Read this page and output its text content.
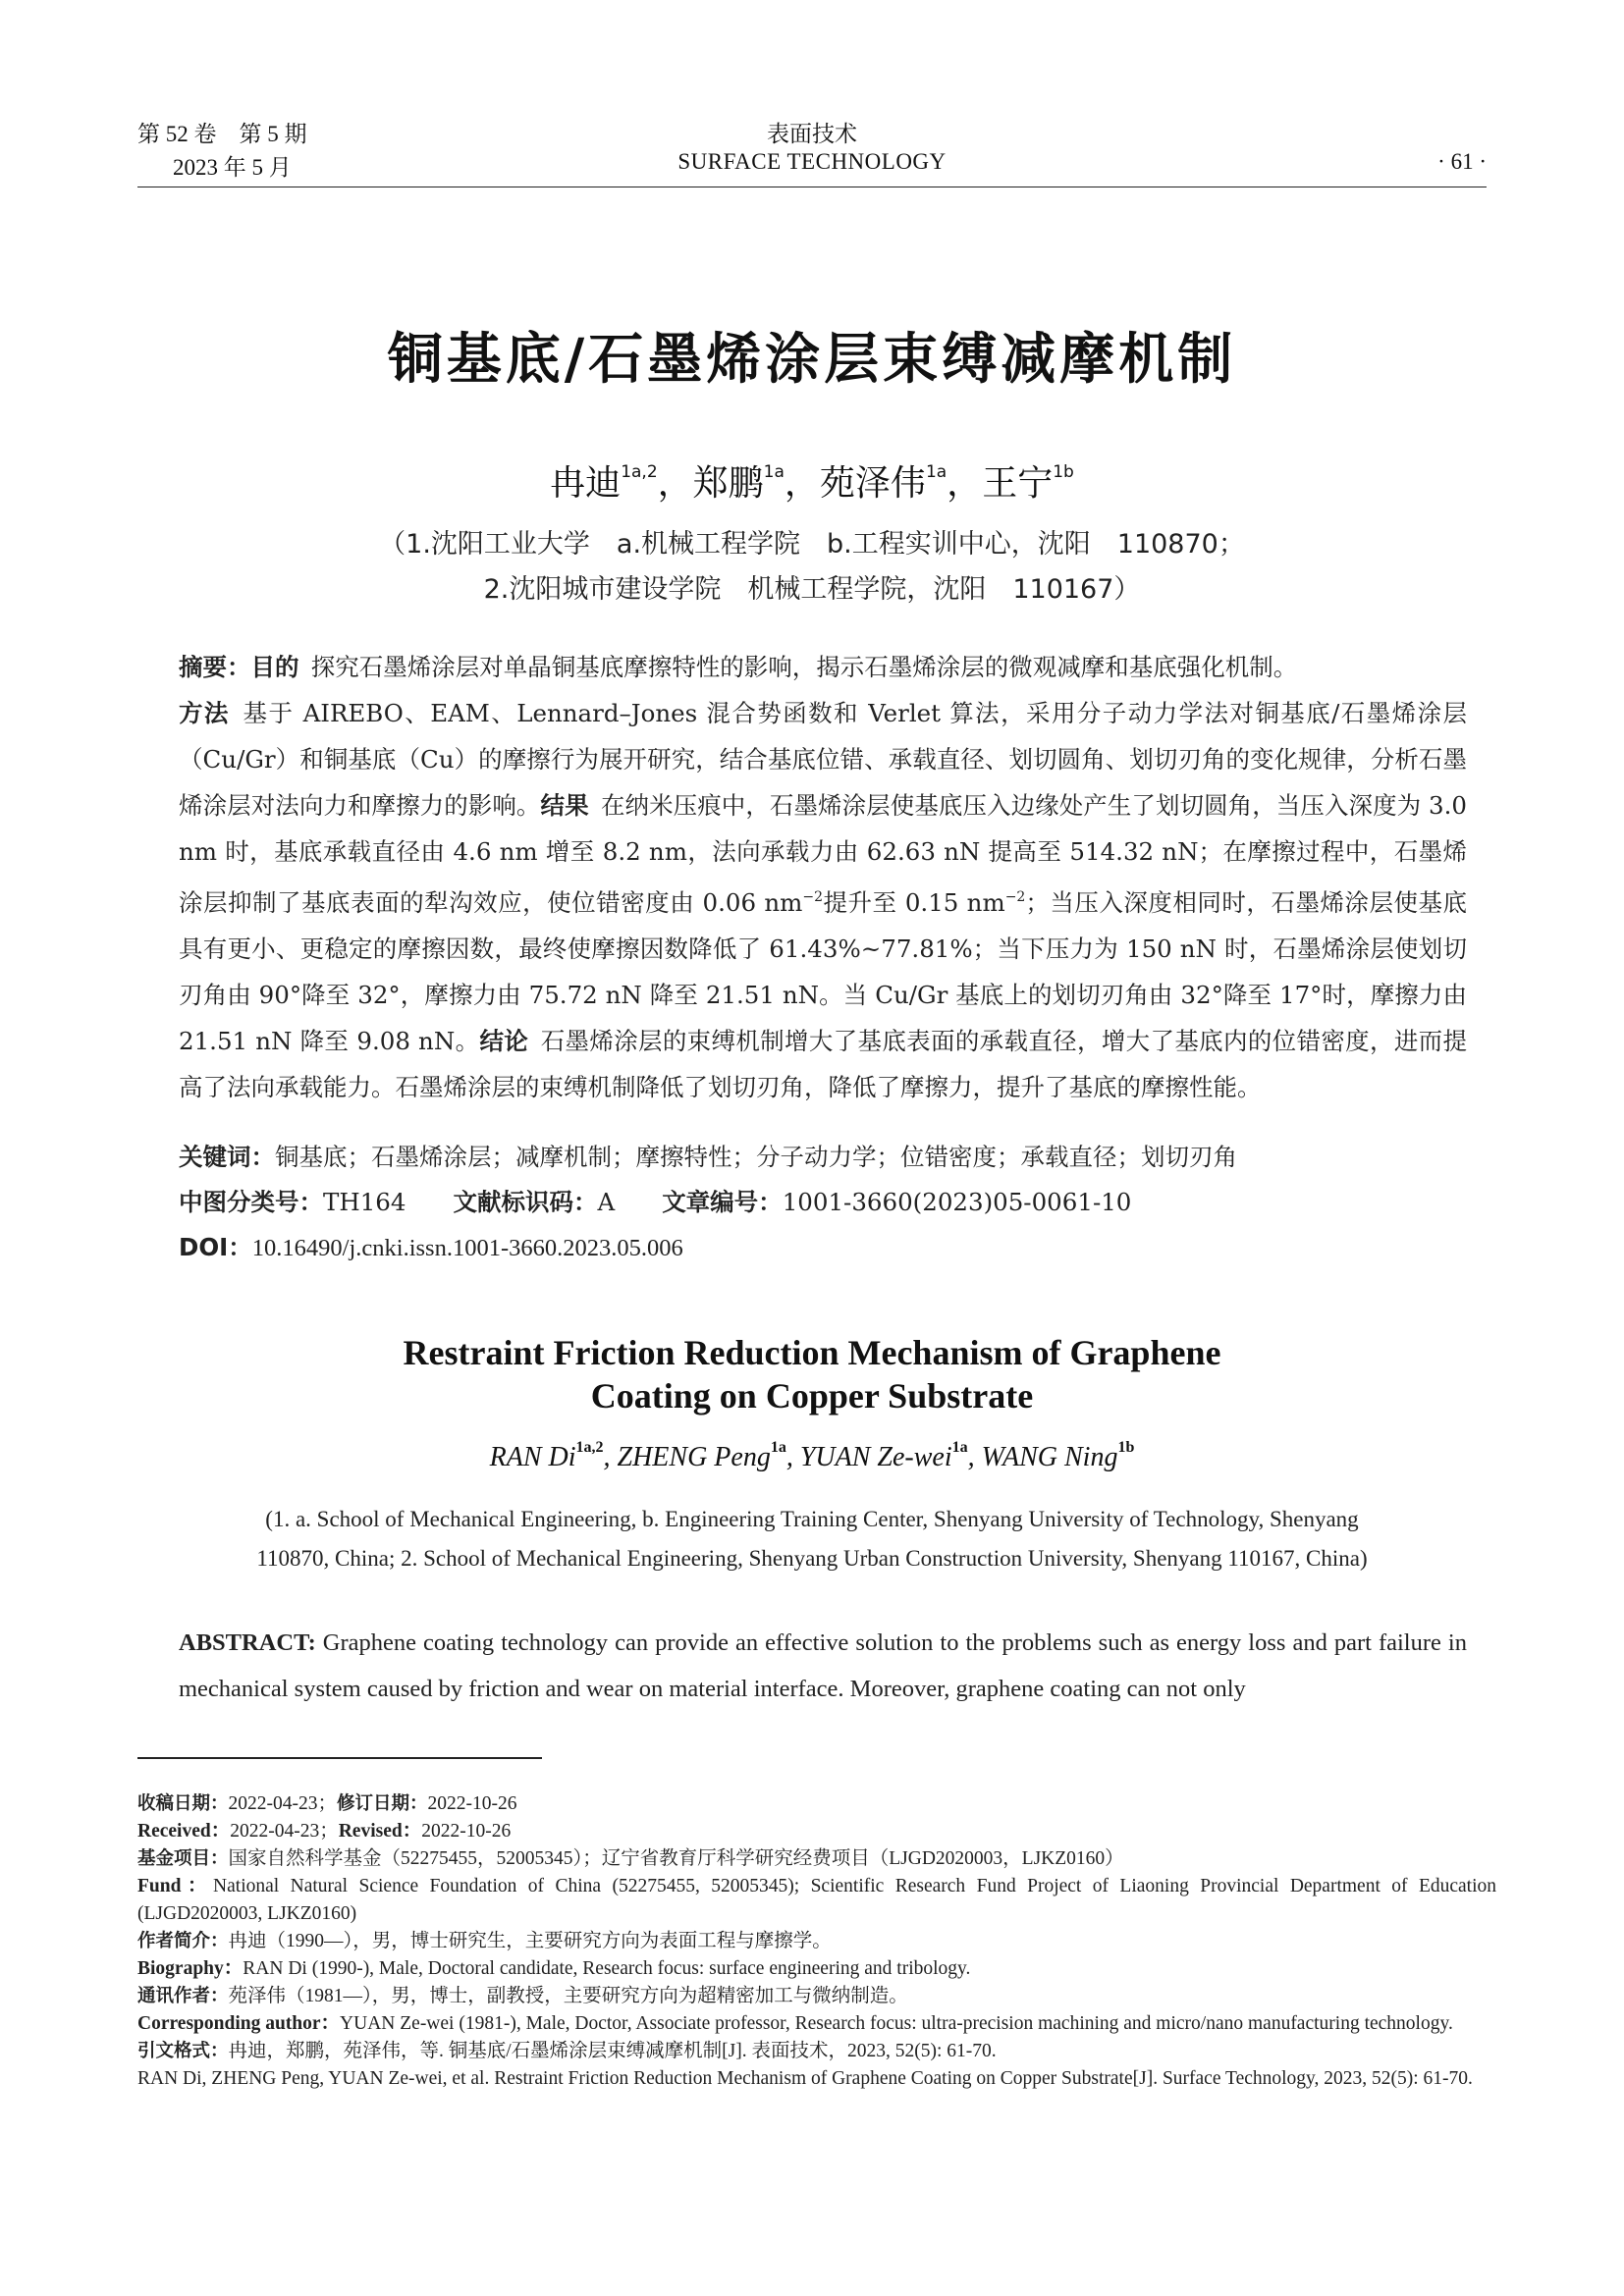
第 52 卷　第 5 期
2023 年 5 月
表面技术
SURFACE TECHNOLOGY	· 61 ·
铜基底/石墨烯涂层束缚减摩机制
冉迪$^{1a,2}$，郑鹏$^{1a}$，苑泽伟$^{1a}$，王宁$^{1b}$
（1.沈阳工业大学　a.机械工程学院　b.工程实训中心，沈阳　110870；
2.沈阳城市建设学院　机械工程学院，沈阳　110167）
摘要：目的  探究石墨烯涂层对单晶铜基底摩擦特性的影响，揭示石墨烯涂层的微观减摩和基底强化机制。
方法  基于 AIREBO、EAM、Lennard–Jones 混合势函数和 Verlet 算法，采用分子动力学法对铜基底/石墨烯涂层（Cu/Gr）和铜基底（Cu）的摩擦行为展开研究，结合基底位错、承载直径、划切圆角、划切刃角的变化规律，分析石墨烯涂层对法向力和摩擦力的影响。结果  在纳米压痕中，石墨烯涂层使基底压入边缘处产生了划切圆角，当压入深度为 3.0 nm 时，基底承载直径由 4.6 nm 增至 8.2 nm，法向承载力由 62.63 nN 提高至 514.32 nN；在摩擦过程中，石墨烯涂层抑制了基底表面的犁沟效应，使位错密度由 0.06 $nm^{-2}$提升至 0.15 $nm^{-2}$；当压入深度相同时，石墨烯涂层使基底具有更小、更稳定的摩擦因数，最终使摩擦因数降低了 61.43%~77.81%；当下压力为 150 nN 时，石墨烯涂层使划切刃角由 90°降至 32°，摩擦力由 75.72 nN 降至 21.51 nN。当 Cu/Gr 基底上的划切刃角由 32°降至 17°时，摩擦力由 21.51 nN 降至 9.08 nN。结论  石墨烯涂层的束缚机制增大了基底表面的承载直径，增大了基底内的位错密度，进而提高了法向承载能力。石墨烯涂层的束缚机制降低了划切刃角，降低了摩擦力，提升了基底的摩擦性能。
关键词：铜基底；石墨烯涂层；减摩机制；摩擦特性；分子动力学；位错密度；承载直径；划切刃角
中图分类号：TH164 文献标识码：A 文章编号：1001-3660(2023)05-0061-10
DOI：10.16490/j.cnki.issn.1001-3660.2023.05.006
Restraint Friction Reduction Mechanism of Graphene
Coating on Copper Substrate
RAN $Di^{1a,2}$, ZHENG Peng$^{1a}$, YUAN Ze-wei$^{1a}$, WANG Ning$^{1b}$
(1. a. School of Mechanical Engineering, b. Engineering Training Center, Shenyang University of Technology, Shenyang
110870, China; 2. School of Mechanical Engineering, Shenyang Urban Construction University, Shenyang 110167, China)
ABSTRACT: Graphene coating technology can provide an effective solution to the problems such as energy loss and part failure in mechanical system caused by friction and wear on material interface. Moreover, graphene coating can not only

收稿日期：2022-04-23；修订日期：2022-10-26

Received：2022-04-23；Revised：2022-10-26

基金项目：国家自然科学基金（52275455，52005345）；辽宁省教育厅科学研究经费项目（LJGD2020003，LJKZ0160）

Fund：National Natural Science Foundation of China (52275455, 52005345); Scientific Research Fund Project of Liaoning Provincial Department of Education (LJGD2020003, LJKZ0160)

作者简介：冉迪（1990—），男，博士研究生，主要研究方向为表面工程与摩擦学。

Biography：RAN Di (1990-), Male, Doctoral candidate, Research focus: surface engineering and tribology.

通讯作者：苑泽伟（1981—），男，博士，副教授，主要研究方向为超精密加工与微纳制造。

Corresponding author：YUAN Ze-wei (1981-), Male, Doctor, Associate professor, Research focus: ultra-precision machining and micro/nano manufacturing technology.

引文格式：冉迪，郑鹏，苑泽伟，等. 铜基底/石墨烯涂层束缚减摩机制[J]. 表面技术，2023, 52(5): 61-70.

RAN Di, ZHENG Peng, YUAN Ze-wei, et al. Restraint Friction Reduction Mechanism of Graphene Coating on Copper Substrate[J]. Surface Technology, 2023, 52(5): 61-70.
